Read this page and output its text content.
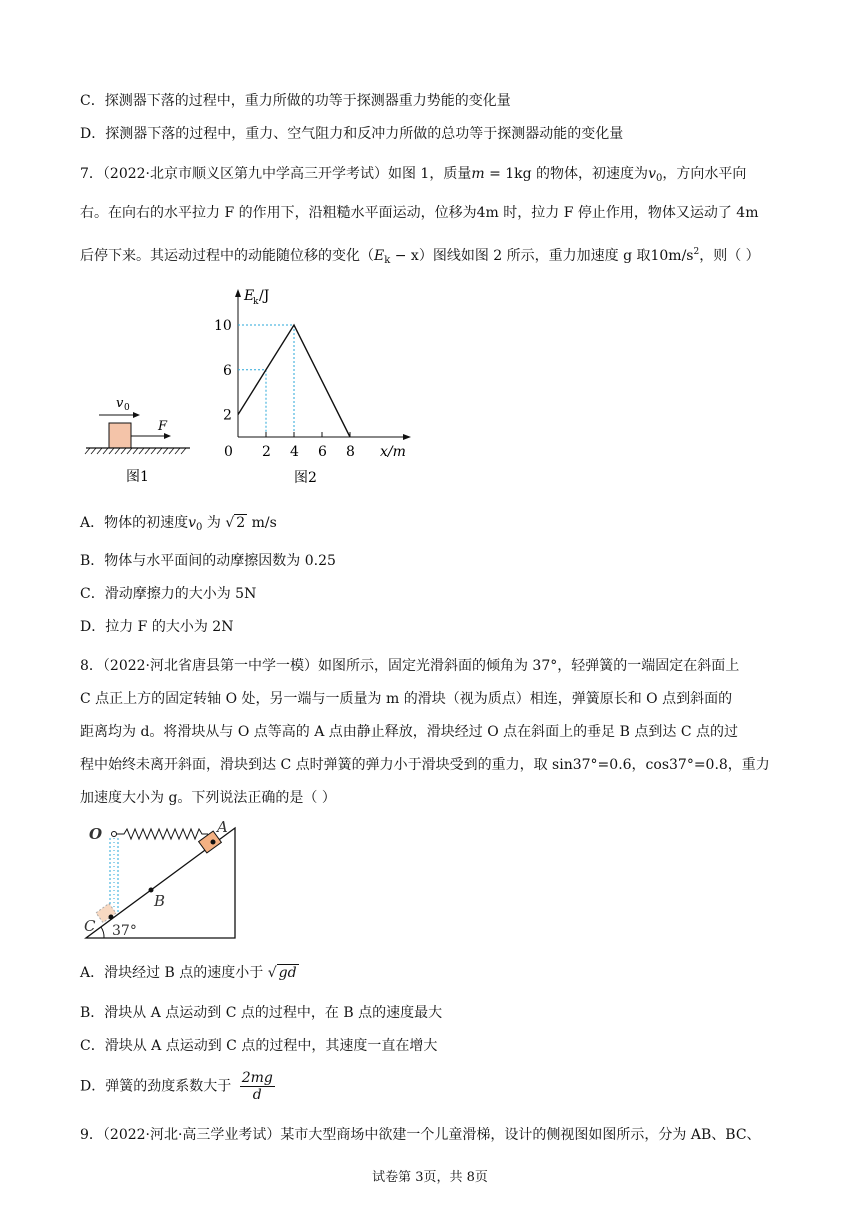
C．探测器下落的过程中，重力所做的功等于探测器重力势能的变化量
D．探测器下落的过程中，重力、空气阻力和反冲力所做的总功等于探测器动能的变化量
7．（2022·北京市顺义区第九中学高三开学考试）如图 1，质量m = 1kg 的物体，初速度为$v_0$，方向水平向
右。在向右的水平拉力 F 的作用下，沿粗糙水平面运动，位移为4m 时，拉力 F 停止作用，物体又运动了 4m
后停下来。其运动过程中的动能随位移的变化$(E_k - x)$图线如图 2 所示，重力加速度 g 取$10m/s^2$，则（ ）
v 0
F
图1
E
k /J
x/m
0 2 4 6 8
2
6
10
图2
A．物体的初速度$v_0$ 为 √ 2 m/s
B．物体与水平面间的动摩擦因数为 0.25
C．滑动摩擦力的大小为 5N
D．拉力 F 的大小为 2N
8．（2022·河北省唐县第一中学一模）如图所示，固定光滑斜面的倾角为 37°，轻弹簧的一端固定在斜面上
C 点正上方的固定转轴 O 处，另一端与一质量为 m 的滑块（视为质点）相连，弹簧原长和 O 点到斜面的
距离均为 d。将滑块从与 O 点等高的 A 点由静止释放，滑块经过 O 点在斜面上的垂足 B 点到达 C 点的过
程中始终未离开斜面，滑块到达 C 点时弹簧的弹力小于滑块受到的重力，取 sin37°=0.6，cos37°=0.8，重力
加速度大小为 g。下列说法正确的是（ ）
O	A
B
C 37°
A．滑块经过 B 点的速度小于 √ gd
B．滑块从 A 点运动到 C 点的过程中，在 B 点的速度最大
C．滑块从 A 点运动到 C 点的过程中，其速度一直在增大
D．弹簧的劲度系数大于 $\frac{2mg}{d}$
9．（2022·河北·高三学业考试）某市大型商场中欲建一个儿童滑梯，设计的侧视图如图所示，分为 AB、BC、
试卷第 3页，共 8页
